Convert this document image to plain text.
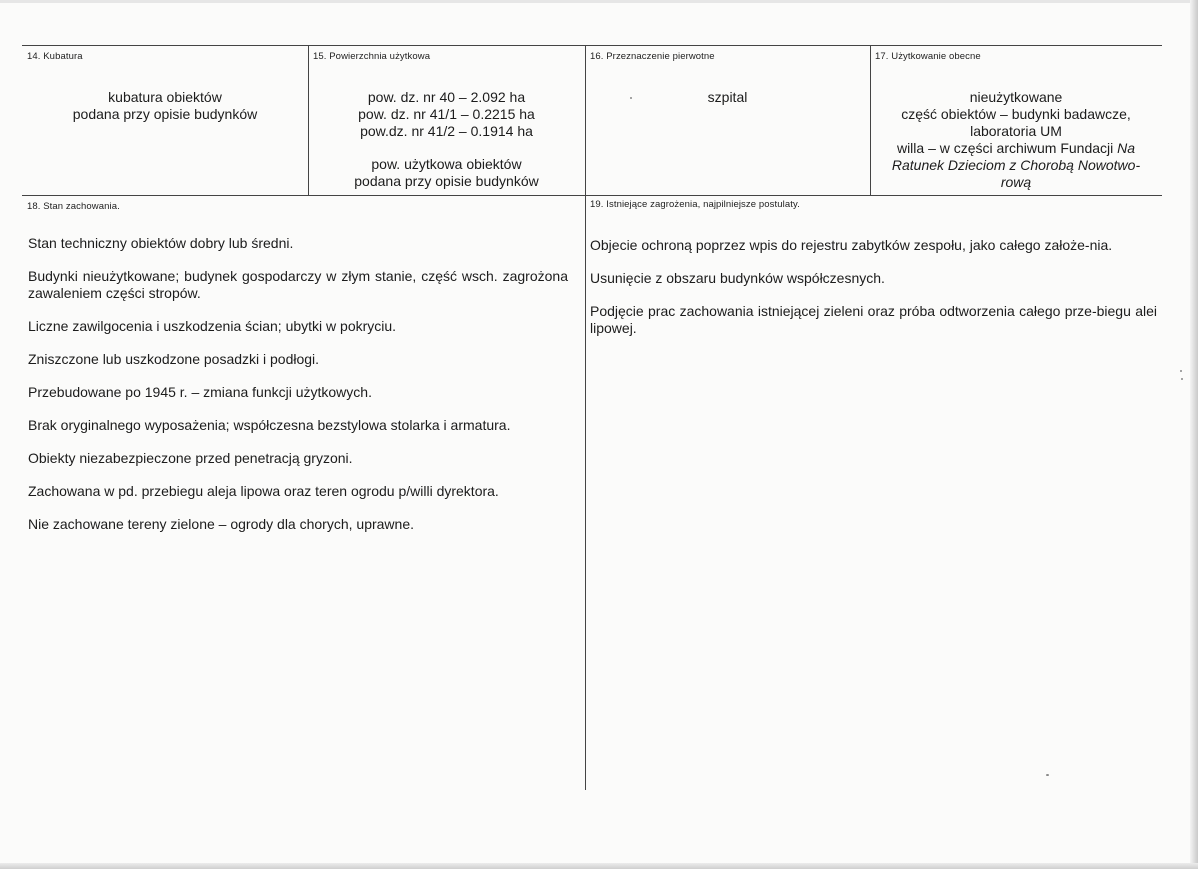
14. Kubatura
kubatura obiektów
podana przy opisie budynków
15. Powierzchnia użytkowa
pow. dz. nr 40 – 2.092 ha
pow. dz. nr 41/1 – 0.2215 ha
pow.dz. nr 41/2 – 0.1914 ha
pow. użytkowa obiektów
podana przy opisie budynków
16. Przeznaczenie pierwotne
szpital
17. Użytkowanie obecne
nieużytkowane
część obiektów – budynki badawcze,
laboratoria UM
willa – w części archiwum Fundacji Na
Ratunek Dzieciom z Chorobą Nowotwo-
rową
18. Stan zachowania.

Stan techniczny obiektów dobry lub średni.

Budynki nieużytkowane; budynek gospodarczy w złym stanie, część wsch. zagrożona zawaleniem części stropów.

Liczne zawilgocenia i uszkodzenia ścian; ubytki w pokryciu.

Zniszczone lub uszkodzone posadzki i podłogi.

Przebudowane po 1945 r. – zmiana funkcji użytkowych.

Brak oryginalnego wyposażenia; współczesna bezstylowa stolarka i armatura.

Obiekty niezabezpieczone przed penetracją gryzoni.

Zachowana w pd. przebiegu aleja lipowa oraz teren ogrodu p/willi dyrektora.

Nie zachowane tereny zielone – ogrody dla chorych, uprawne.

19. Istniejące zagrożenia, najpilniejsze postulaty.

Objecie ochroną poprzez wpis do rejestru zabytków zespołu, jako całego założe-nia.

Usunięcie z obszaru budynków współczesnych.

Podjęcie prac zachowania istniejącej zieleni oraz próba odtworzenia całego prze-biegu alei lipowej.
